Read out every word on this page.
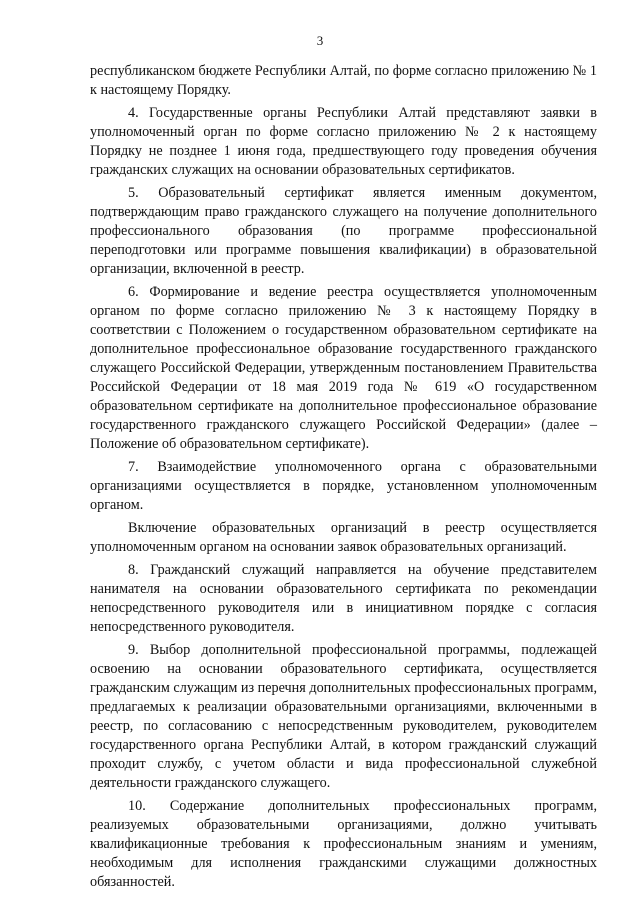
3

республиканском бюджете Республики Алтай, по форме согласно приложению № 1 к настоящему Порядку.

4. Государственные органы Республики Алтай представляют заявки в уполномоченный орган по форме согласно приложению № 2 к настоящему Порядку не позднее 1 июня года, предшествующего году проведения обучения гражданских служащих на основании образовательных сертификатов.

5. Образовательный сертификат является именным документом, подтверждающим право гражданского служащего на получение дополнительного профессионального образования (по программе профессиональной переподготовки или программе повышения квалификации) в образовательной организации, включенной в реестр.

6. Формирование и ведение реестра осуществляется уполномоченным органом по форме согласно приложению № 3 к настоящему Порядку в соответствии с Положением о государственном образовательном сертификате на дополнительное профессиональное образование государственного гражданского служащего Российской Федерации, утвержденным постановлением Правительства Российской Федерации от 18 мая 2019 года № 619 «О государственном образовательном сертификате на дополнительное профессиональное образование государственного гражданского служащего Российской Федерации» (далее – Положение об образовательном сертификате).

7. Взаимодействие уполномоченного органа с образовательными организациями осуществляется в порядке, установленном уполномоченным органом.

Включение образовательных организаций в реестр осуществляется уполномоченным органом на основании заявок образовательных организаций.

8. Гражданский служащий направляется на обучение представителем нанимателя на основании образовательного сертификата по рекомендации непосредственного руководителя или в инициативном порядке с согласия непосредственного руководителя.

9. Выбор дополнительной профессиональной программы, подлежащей освоению на основании образовательного сертификата, осуществляется гражданским служащим из перечня дополнительных профессиональных программ, предлагаемых к реализации образовательными организациями, включенными в реестр, по согласованию с непосредственным руководителем, руководителем государственного органа Республики Алтай, в котором гражданский служащий проходит службу, с учетом области и вида профессиональной служебной деятельности гражданского служащего.

10. Содержание дополнительных профессиональных программ, реализуемых образовательными организациями, должно учитывать квалификационные требования к профессиональным знаниям и умениям, необходимым для исполнения гражданскими служащими должностных обязанностей.
